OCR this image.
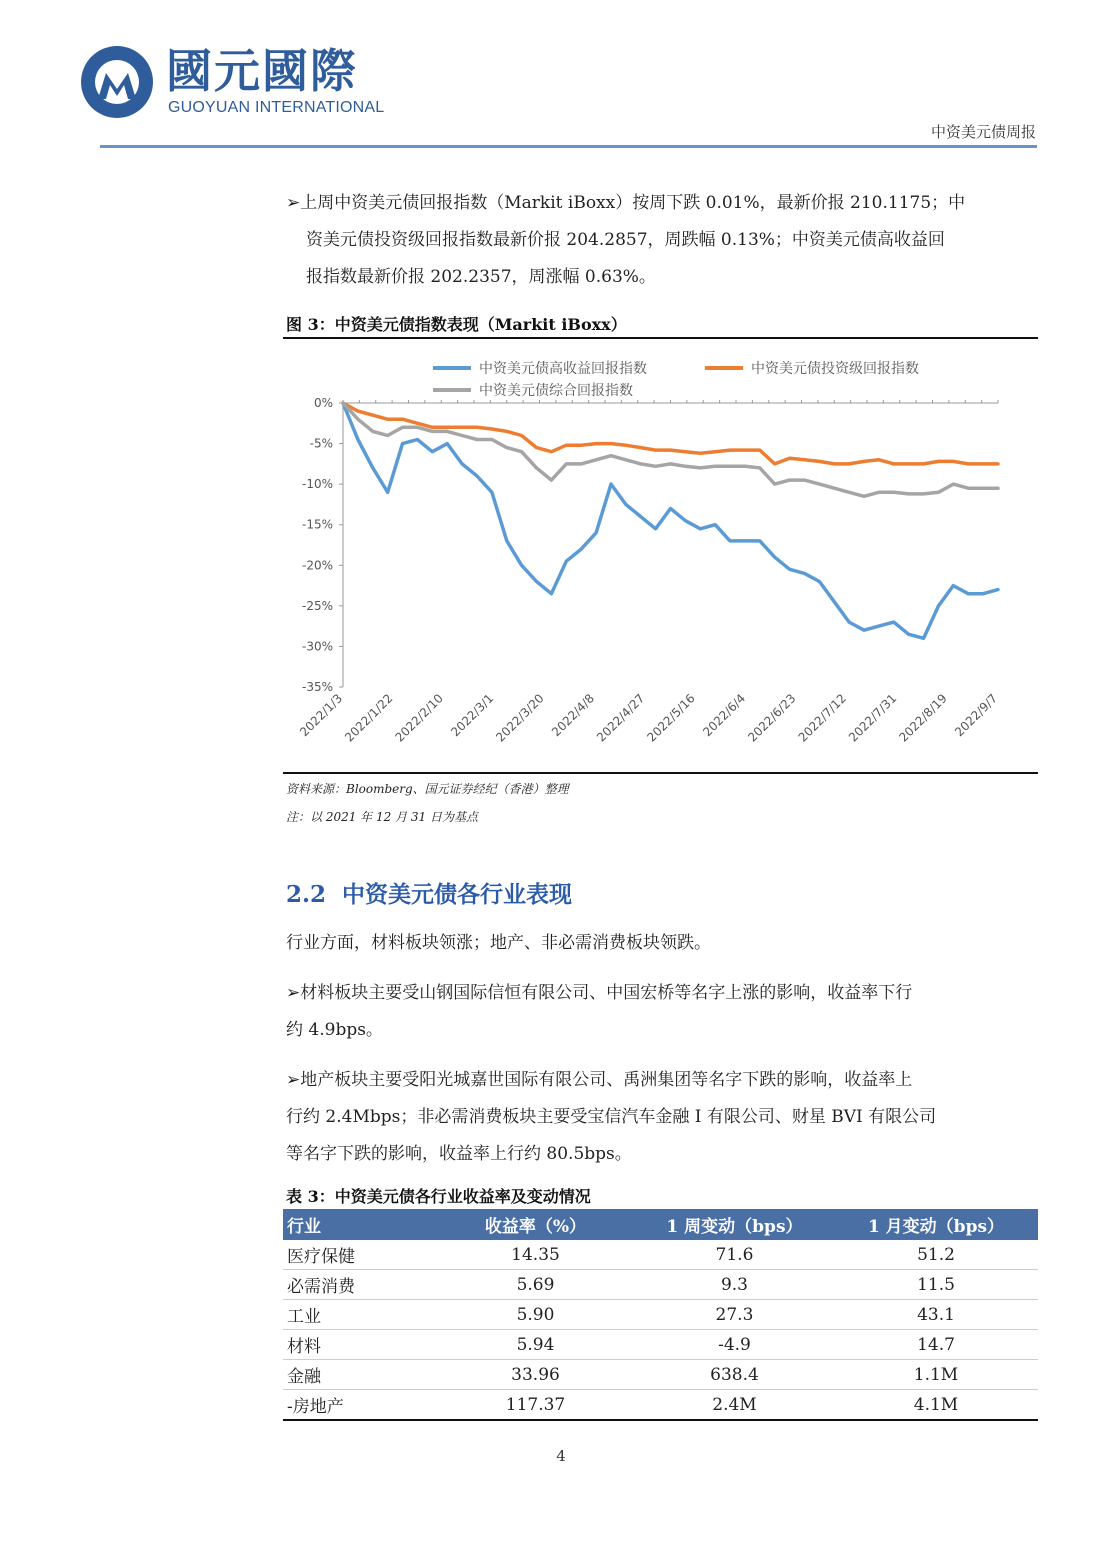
國元國際
GUOYUAN INTERNATIONAL
中资美元债周报
➢上周中资美元债回报指数（Markit iBoxx）按周下跌 0.01%，最新价报 210.1175；中
资美元债投资级回报指数最新价报 204.2857，周跌幅 0.13%；中资美元债高收益回
报指数最新价报 202.2357，周涨幅 0.63%。
图 3：中资美元债指数表现（Markit iBoxx）
中资美元债高收益回报指数	中资美元债投资级回报指数
中资美元债综合回报指数
0%
-5%
-10%
-15%
-20%
-25%
-30%
-35%
2022/1/3
2022/1/22
2022/2/10 2022/3/1
2022/3/20 2022/4/8
2022/4/27
2022/5/16 2022/6/4
2022/6/23
2022/7/12
2022/7/31
2022/8/19 2022/9/7
资料来源：Bloomberg、国元证券经纪（香港）整理
注：以 2021 年 12 月 31 日为基点
2.2 中资美元债各行业表现
行业方面，材料板块领涨；地产、非必需消费板块领跌。
➢材料板块主要受山钢国际信恒有限公司、中国宏桥等名字上涨的影响，收益率下行
约 4.9bps。
➢地产板块主要受阳光城嘉世国际有限公司、禹洲集团等名字下跌的影响，收益率上
行约 2.4Mbps；非必需消费板块主要受宝信汽车金融 I 有限公司、财星 BVI 有限公司
等名字下跌的影响，收益率上行约 80.5bps。
表 3：中资美元债各行业收益率及变动情况
行业	收益率（%）	1 周变动（bps）	1 月变动（bps）
医疗保健	14.35	71.6	51.2
必需消费	5.69	9.3	11.5
工业	5.90	27.3	43.1
材料	5.94	-4.9	14.7
金融	33.96	638.4	1.1M
-房地产	117.37	2.4M	4.1M
4
